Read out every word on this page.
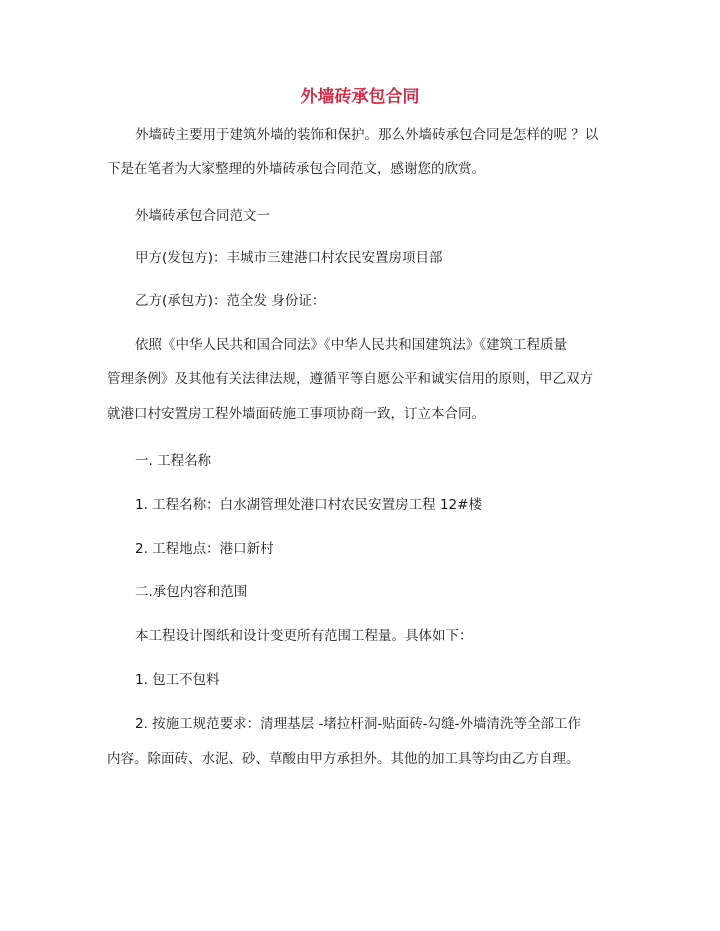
外墙砖承包合同

外墙砖主要用于建筑外墙的装饰和保护。那么外墙砖承包合同是怎样的呢 ？以

下是在笔者为大家整理的外墙砖承包合同范文，感谢您的欣赏。

外墙砖承包合同范文一

甲方(发包方)：丰城市三建港口村农民安置房项目部

乙方(承包方)：范全发 身份证：

依照《中华人民共和国合同法》《中华人民共和国建筑法》《建筑工程质量

管理条例》及其他有关法律法规，遵循平等自愿公平和诚实信用的原则，甲乙双方

就港口村安置房工程外墙面砖施工事项协商一致，订立本合同。

一. 工程名称

1. 工程名称：白水湖管理处港口村农民安置房工程 12#楼

2. 工程地点：港口新村

二.承包内容和范围

本工程设计图纸和设计变更所有范围工程量。具体如下：

1. 包工不包料

2. 按施工规范要求：清理基层 -堵拉杆洞-贴面砖-勾缝-外墙清洗等全部工作

内容。除面砖、水泥、砂、草酸由甲方承担外。其他的加工具等均由乙方自理。
